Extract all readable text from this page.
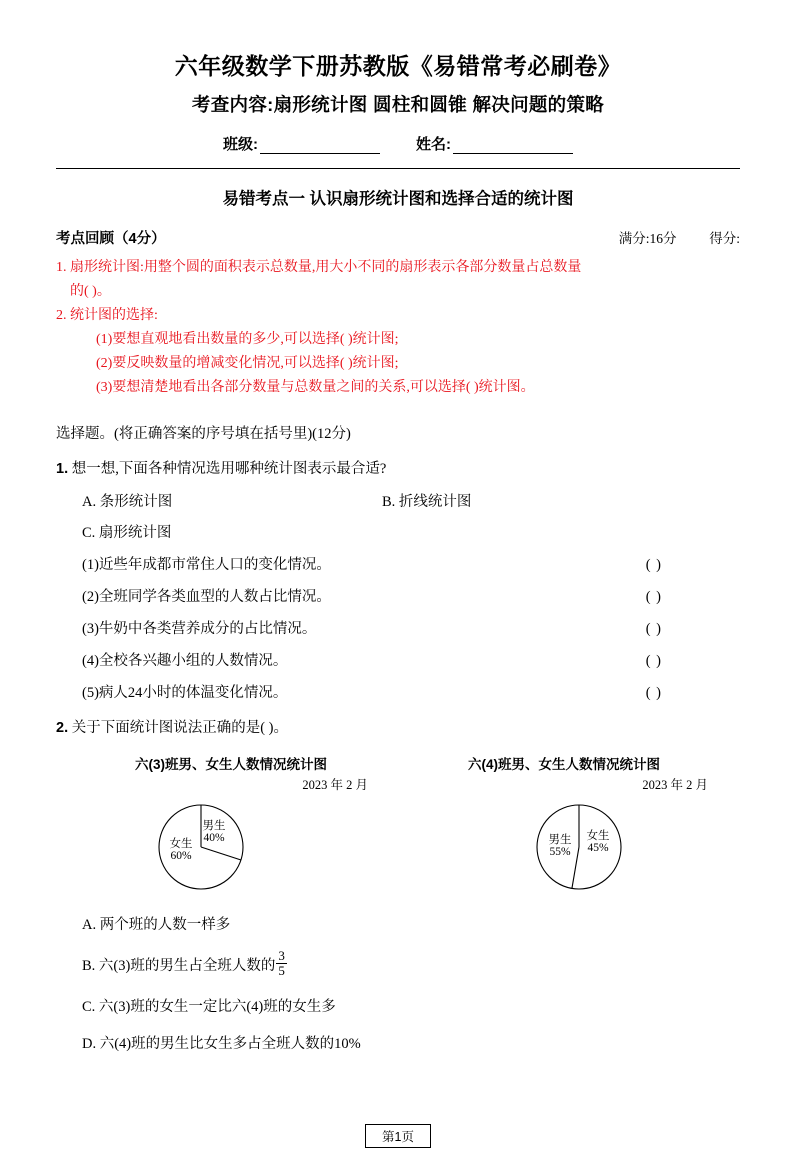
六年级数学下册苏教版《易错常考必刷卷》
考查内容:扇形统计图 圆柱和圆锥 解决问题的策略
班级:	姓名:
易错考点一 认识扇形统计图和选择合适的统计图
考点回顾（4分）	满分:16分 得分:
1. 扇形统计图:用整个圆的面积表示总数量,用大小不同的扇形表示各部分数量占总数量
的( )。
2. 统计图的选择:
(1)要想直观地看出数量的多少,可以选择( )统计图;
(2)要反映数量的增减变化情况,可以选择( )统计图;
(3)要想清楚地看出各部分数量与总数量之间的关系,可以选择( )统计图。
选择题。(将正确答案的序号填在括号里)(12分)
1. 想一想,下面各种情况选用哪种统计图表示最合适?
A. 条形统计图	B. 折线统计图
C. 扇形统计图
(1)近些年成都市常住人口的变化情况。	( )
(2)全班同学各类血型的人数占比情况。	( )
(3)牛奶中各类营养成分的占比情况。	( )
(4)全校各兴趣小组的人数情况。	( )
(5)病人24小时的体温变化情况。	( )
2. 关于下面统计图说法正确的是( )。
六(3)班男、女生人数情况统计图
2023 年 2 月
男生
40%
女生
60%
六(4)班男、女生人数情况统计图
2023 年 2 月
男生
55%
女生
45%
A. 两个班的人数一样多
B. 六(3)班的男生占全班人数的 $\frac{3}{5}$
C. 六(3)班的女生一定比六(4)班的女生多
D. 六(4)班的男生比女生多占全班人数的10%
第1页
